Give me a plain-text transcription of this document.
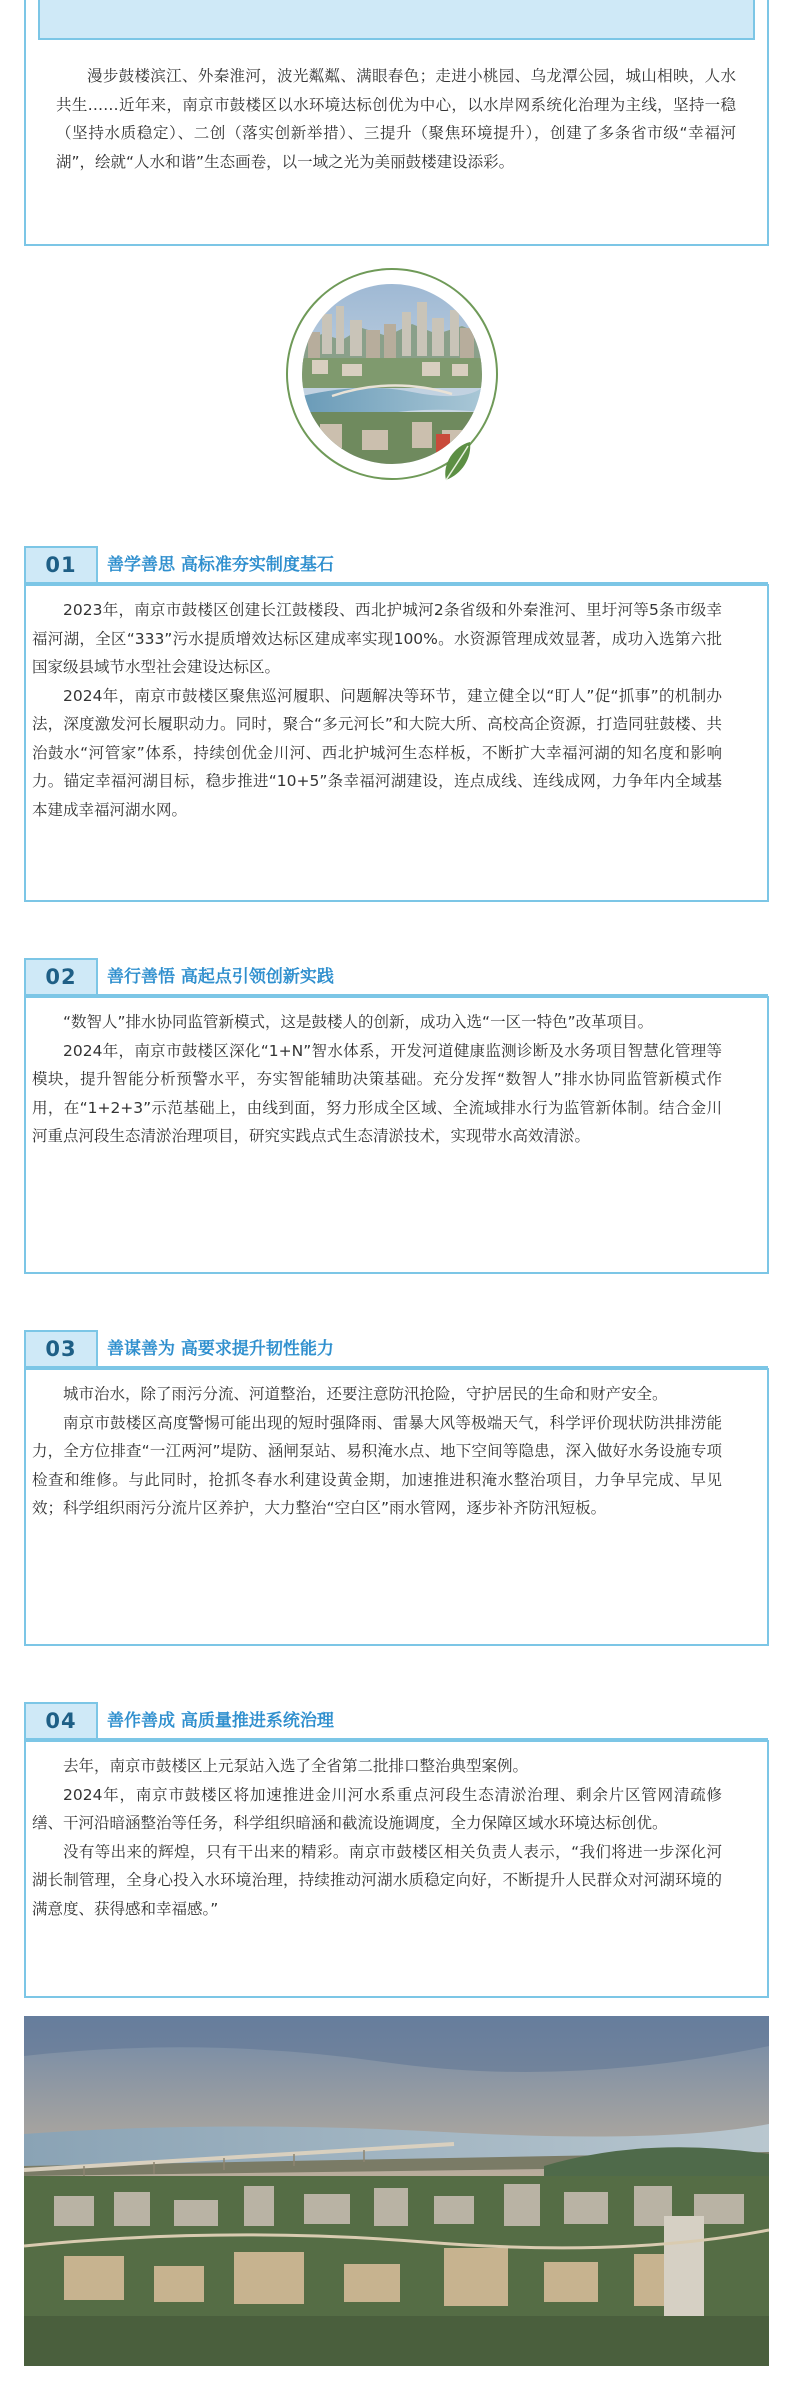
漫步鼓楼滨江、外秦淮河，波光粼粼、满眼春色；走进小桃园、乌龙潭公园，城山相映，人水共生……近年来，南京市鼓楼区以水环境达标创优为中心，以水岸网系统化治理为主线，坚持一稳（坚持水质稳定）、二创（落实创新举措）、三提升（聚焦环境提升），创建了多条省市级“幸福河湖”，绘就“人水和谐”生态画卷，以一域之光为美丽鼓楼建设添彩。
01	善学善思 高标准夯实制度基石

2023年，南京市鼓楼区创建长江鼓楼段、西北护城河2条省级和外秦淮河、里圩河等5条市级幸福河湖，全区“333”污水提质增效达标区建成率实现100%。水资源管理成效显著，成功入选第六批国家级县域节水型社会建设达标区。

2024年，南京市鼓楼区聚焦巡河履职、问题解决等环节，建立健全以“盯人”促“抓事”的机制办法，深度激发河长履职动力。同时，聚合“多元河长”和大院大所、高校高企资源，打造同驻鼓楼、共治鼓水“河管家”体系，持续创优金川河、西北护城河生态样板，不断扩大幸福河湖的知名度和影响力。锚定幸福河湖目标，稳步推进“10+5”条幸福河湖建设，连点成线、连线成网，力争年内全域基本建成幸福河湖水网。

02	善行善悟 高起点引领创新实践

“数智人”排水协同监管新模式，这是鼓楼人的创新，成功入选“一区一特色”改革项目。

2024年，南京市鼓楼区深化“1+N”智水体系，开发河道健康监测诊断及水务项目智慧化管理等模块，提升智能分析预警水平，夯实智能辅助决策基础。充分发挥“数智人”排水协同监管新模式作用，在“1+2+3”示范基础上，由线到面，努力形成全区域、全流域排水行为监管新体制。结合金川河重点河段生态清淤治理项目，研究实践点式生态清淤技术，实现带水高效清淤。

03	善谋善为 高要求提升韧性能力

城市治水，除了雨污分流、河道整治，还要注意防汛抢险，守护居民的生命和财产安全。

南京市鼓楼区高度警惕可能出现的短时强降雨、雷暴大风等极端天气，科学评价现状防洪排涝能力，全方位排查“一江两河”堤防、涵闸泵站、易积淹水点、地下空间等隐患，深入做好水务设施专项检查和维修。与此同时，抢抓冬春水利建设黄金期，加速推进积淹水整治项目，力争早完成、早见效；科学组织雨污分流片区养护，大力整治“空白区”雨水管网，逐步补齐防汛短板。

04	善作善成 高质量推进系统治理

去年，南京市鼓楼区上元泵站入选了全省第二批排口整治典型案例。

2024年，南京市鼓楼区将加速推进金川河水系重点河段生态清淤治理、剩余片区管网清疏修缮、干河沿暗涵整治等任务，科学组织暗涵和截流设施调度，全力保障区域水环境达标创优。

没有等出来的辉煌，只有干出来的精彩。南京市鼓楼区相关负责人表示，“我们将进一步深化河湖长制管理，全身心投入水环境治理，持续推动河湖水质稳定向好，不断提升人民群众对河湖环境的满意度、获得感和幸福感。”
